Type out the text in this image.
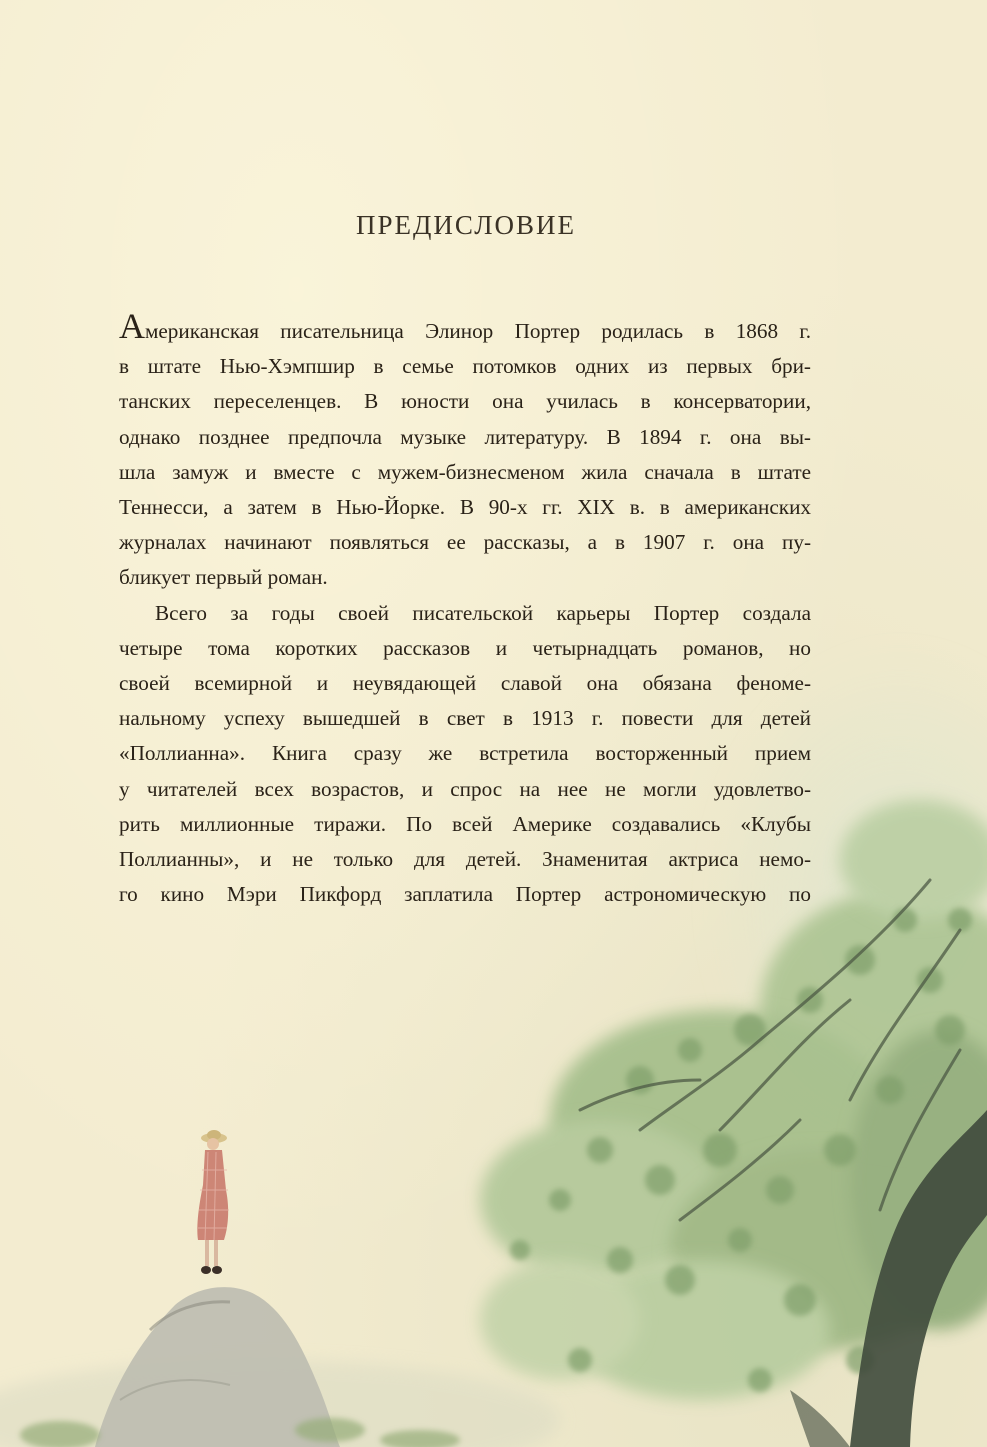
ПРЕДИСЛОВИЕ
Американская писательница Элинор Портер родилась в 1868 г.
в штате Нью-Хэмпшир в семье потомков одних из первых бри-
танских переселенцев. В юности она училась в консерватории,
однако позднее предпочла музыке литературу. В 1894 г. она вы-
шла замуж и вместе с мужем-бизнесменом жила сначала в штате
Теннесси, а затем в Нью-Йорке. В 90-х гг. XIX в. в американских
журналах начинают появляться ее рассказы, а в 1907 г. она пу-
бликует первый роман.
Всего за годы своей писательской карьеры Портер создала
четыре тома коротких рассказов и четырнадцать романов, но
своей всемирной и неувядающей славой она обязана феноме-
нальному успеху вышедшей в свет в 1913 г. повести для детей
«Поллианна». Книга сразу же встретила восторженный прием
у читателей всех возрастов, и спрос на нее не могли удовлетво-
рить миллионные тиражи. По всей Америке создавались «Клубы
Поллианны», и не только для детей. Знаменитая актриса немо-
го кино Мэри Пикфорд заплатила Портер астрономическую по
